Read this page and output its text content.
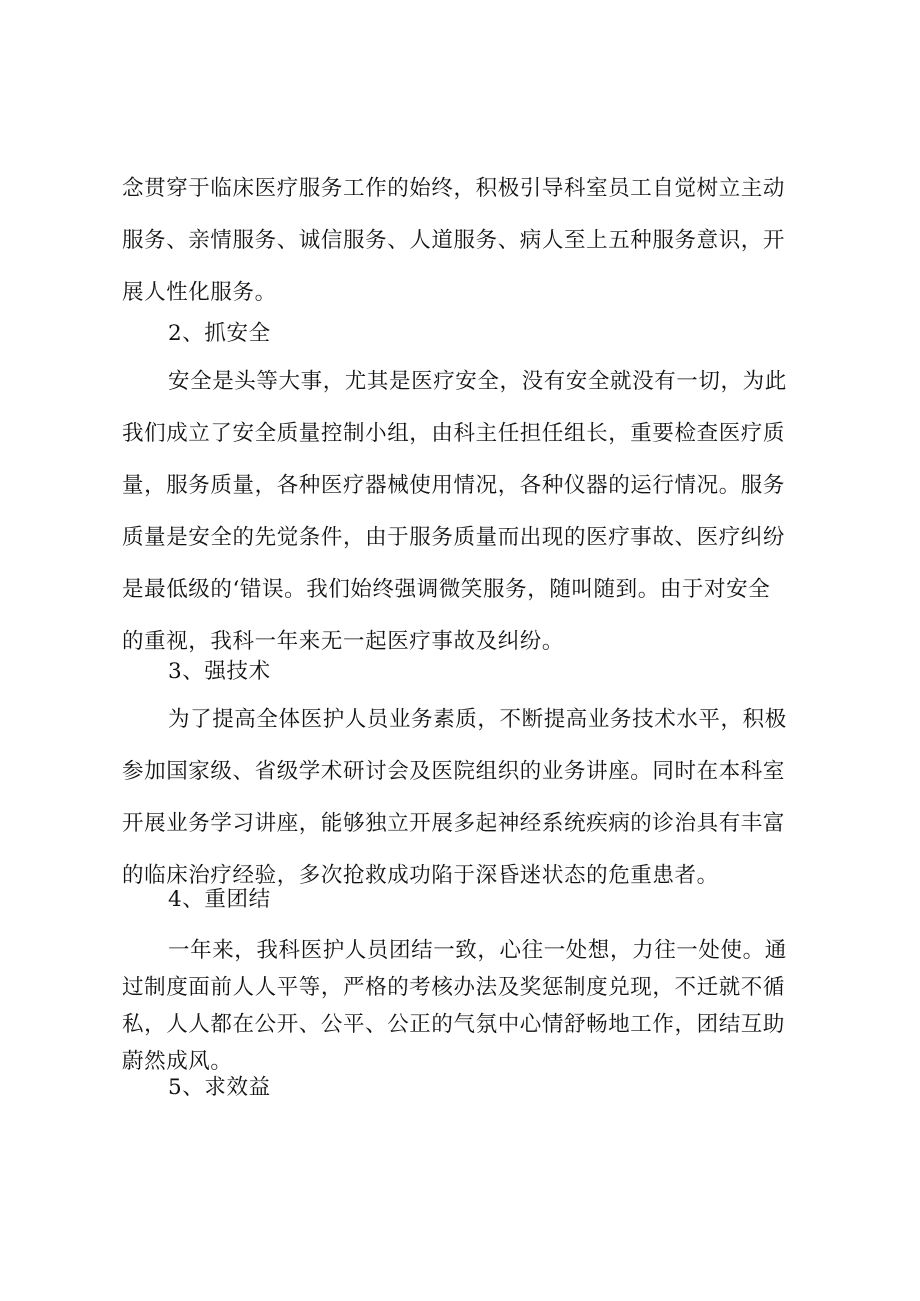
念贯穿于临床医疗服务工作的始终，积极引导科室员工自觉树立主动
服务、亲情服务、诚信服务、人道服务、病人至上五种服务意识，开
展人性化服务。
2、抓安全
安全是头等大事，尤其是医疗安全，没有安全就没有一切，为此
我们成立了安全质量控制小组，由科主任担任组长，重要检查医疗质
量，服务质量，各种医疗器械使用情况，各种仪器的运行情况。服务
质量是安全的先觉条件，由于服务质量而出现的医疗事故、医疗纠纷
是最低级的‘错误。我们始终强调微笑服务，随叫随到。由于对安全
的重视，我科一年来无一起医疗事故及纠纷。
3、强技术
为了提高全体医护人员业务素质，不断提高业务技术水平，积极
参加国家级、省级学术研讨会及医院组织的业务讲座。同时在本科室
开展业务学习讲座，能够独立开展多起神经系统疾病的诊治具有丰富
的临床治疗经验，多次抢救成功陷于深昏迷状态的危重患者。
4、重团结
一年来，我科医护人员团结一致，心往一处想，力往一处使。通
过制度面前人人平等，严格的考核办法及奖惩制度兑现，不迁就不循
私，人人都在公开、公平、公正的气氛中心情舒畅地工作，团结互助
蔚然成风。
5、求效益
